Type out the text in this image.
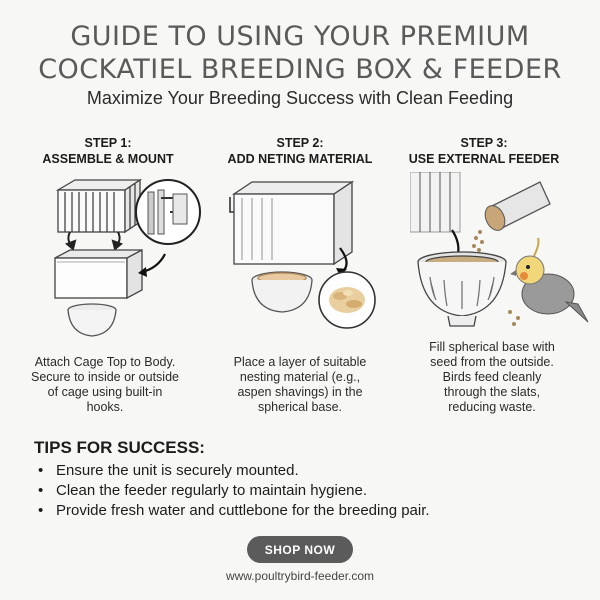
GUIDE TO USING YOUR PREMIUM
COCKATIEL BREEDING BOX & FEEDER
Maximize Your Breeding Success with Clean Feeding
STEP 1:
ASSEMBLE & MOUNT
Attach Cage Top to Body.
Secure to inside or outside
of cage using built-in
hooks.
STEP 2:
ADD NETING MATERIAL
Place a layer of suitable
nesting material (e.g.,
aspen shavings) in the
spherical base.
STEP 3:
USE EXTERNAL FEEDER
Fill spherical base with
seed from the outside.
Birds feed cleanly
through the slats,
reducing waste.
TIPS FOR SUCCESS:
• Ensure the unit is securely mounted.
• Clean the feeder regularly to maintain hygiene.
• Provide fresh water and cuttlebone for the breeding pair.
SHOP NOW
www.poultrybird-feeder.com
